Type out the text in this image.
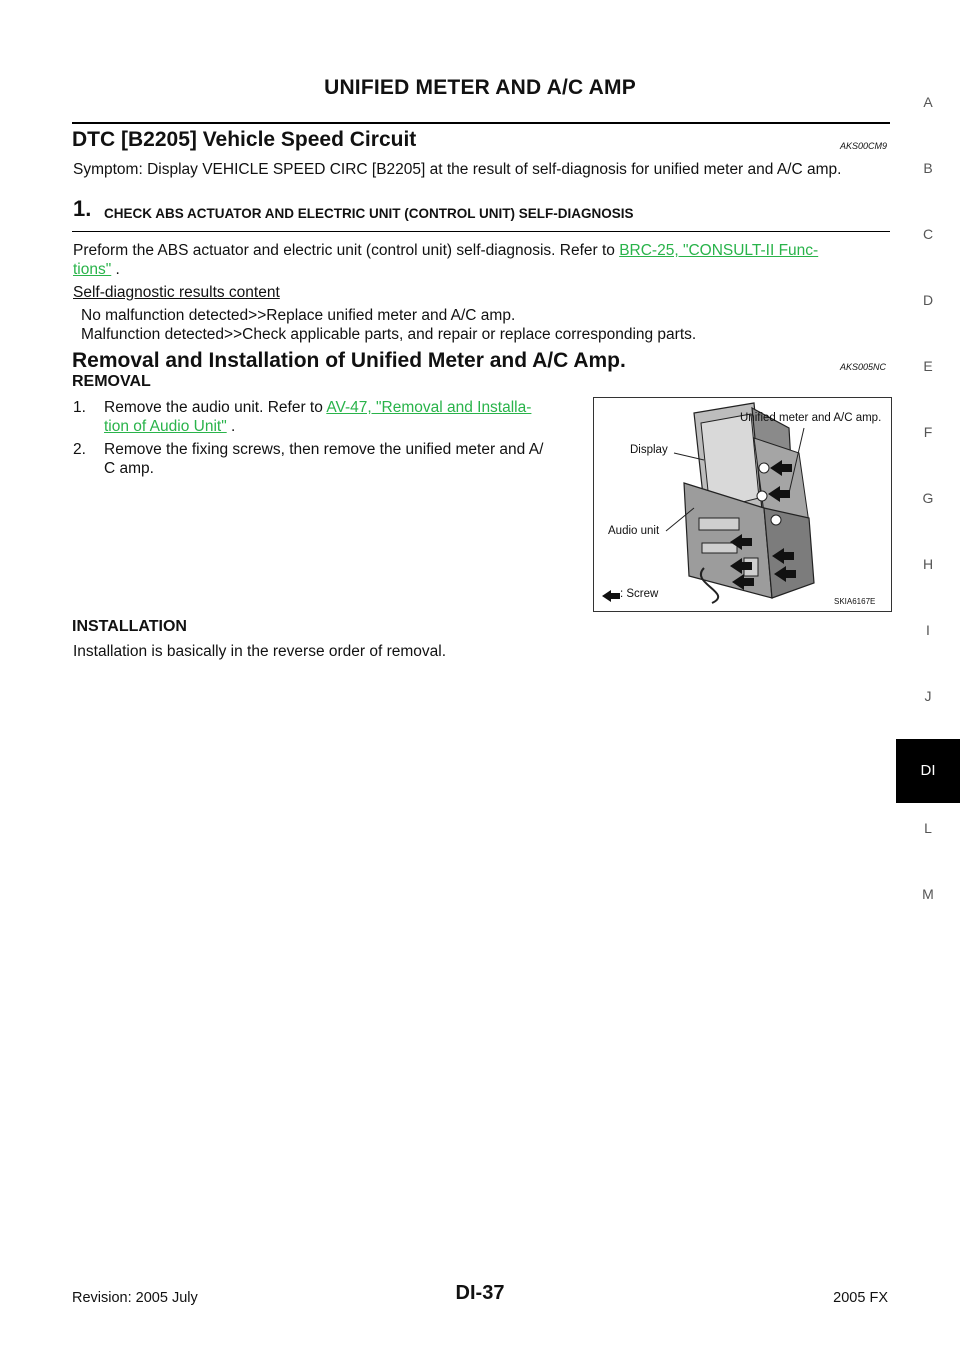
UNIFIED METER AND A/C AMP
DTC [B2205] Vehicle Speed Circuit	AKS00CM9
Symptom: Display VEHICLE SPEED CIRC [B2205] at the result of self-diagnosis for unified meter and A/C amp.
1. CHECK ABS ACTUATOR AND ELECTRIC UNIT (CONTROL UNIT) SELF-DIAGNOSIS
Preform the ABS actuator and electric unit (control unit) self-diagnosis. Refer to BRC-25, "CONSULT-II Func-
tions" .
Self-diagnostic results content
No malfunction detected>>Replace unified meter and A/C amp.
Malfunction detected>>Check applicable parts, and repair or replace corresponding parts.
Removal and Installation of Unified Meter and A/C Amp.	AKS005NC
REMOVAL
1. Remove the audio unit. Refer to AV-47, "Removal and Installa-
tion of Audio Unit" .
2. Remove the fixing screws, then remove the unified meter and A/
C amp.
Unified meter and A/C amp.
Display
Audio unit
: Screw
SKIA6167E
INSTALLATION
Installation is basically in the reverse order of removal.
A
B
C
D
E
F
G
H
I
J
DI
L
M
Revision: 2005 July	DI-37	2005 FX
